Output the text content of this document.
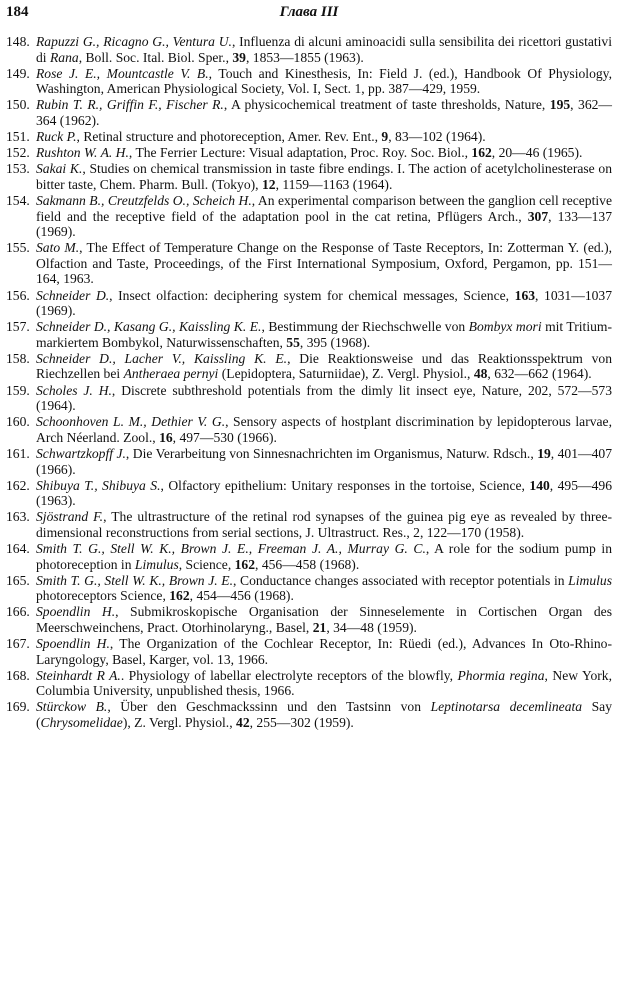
184	Глава III
148. Rapuzzi G., Ricagno G., Ventura U., Influenza di alcuni aminoacidi sulla sensibilita dei ricettori gustativi di Rana, Boll. Soc. Ital. Biol. Sper., 39, 1853—1855 (1963).
149. Rose J. E., Mountcastle V. B., Touch and Kinesthesis, In: Field J. (ed.), Handbook Of Physiology, Washington, American Physiological Society, Vol. I, Sect. 1, pp. 387—429, 1959.
150. Rubin T. R., Griffin F., Fischer R., A physicochemical treatment of taste thresholds, Nature, 195, 362—364 (1962).
151. Ruck P., Retinal structure and photoreception, Amer. Rev. Ent., 9, 83—102 (1964).
152. Rushton W. A. H., The Ferrier Lecture: Visual adaptation, Proc. Roy. Soc. Biol., 162, 20—46 (1965).
153. Sakai K., Studies on chemical transmission in taste fibre endings. I. The action of acetylcholinesterase on bitter taste, Chem. Pharm. Bull. (Tokyo), 12, 1159—1163 (1964).
154. Sakmann B., Creutzfelds O., Scheich H., An experimental comparison between the ganglion cell receptive field and the receptive field of the adaptation pool in the cat retina, Pflügers Arch., 307, 133—137 (1969).
155. Sato M., The Effect of Temperature Change on the Response of Taste Receptors, In: Zotterman Y. (ed.), Olfaction and Taste, Proceedings, of the First International Symposium, Oxford, Pergamon, pp. 151—164, 1963.
156. Schneider D., Insect olfaction: deciphering system for chemical messages, Science, 163, 1031—1037 (1969).
157. Schneider D., Kasang G., Kaissling K. E., Bestimmung der Riechschwelle von Bombyx mori mit Tritium-markiertem Bombykol, Naturwissenschaften, 55, 395 (1968).
158. Schneider D., Lacher V., Kaissling K. E., Die Reaktionsweise und das Reaktionsspektrum von Riechzellen bei Antheraea pernyi (Lepidoptera, Saturniidae), Z. Vergl. Physiol., 48, 632—662 (1964).
159. Scholes J. H., Discrete subthreshold potentials from the dimly lit insect eye, Nature, 202, 572—573 (1964).
160. Schoonhoven L. M., Dethier V. G., Sensory aspects of hostplant discrimination by lepidopterous larvae, Arch Néerland. Zool., 16, 497—530 (1966).
161. Schwartzkopff J., Die Verarbeitung von Sinnesnachrichten im Organismus, Naturw. Rdsch., 19, 401—407 (1966).
162. Shibuya T., Shibuya S., Olfactory epithelium: Unitary responses in the tortoise, Science, 140, 495—496 (1963).
163. Sjöstrand F., The ultrastructure of the retinal rod synapses of the guinea pig eye as revealed by three-dimensional reconstructions from serial sections, J. Ultrastruct. Res., 2, 122—170 (1958).
164. Smith T. G., Stell W. K., Brown J. E., Freeman J. A., Murray G. C., A role for the sodium pump in photoreception in Limulus, Science, 162, 456—458 (1968).
165. Smith T. G., Stell W. K., Brown J. E., Conductance changes associated with receptor potentials in Limulus photoreceptors Science, 162, 454—456 (1968).
166. Spoendlin H., Submikroskopische Organisation der Sinneselemente in Cortischen Organ des Meerschweinchens, Pract. Otorhinolaryng., Basel, 21, 34—48 (1959).
167. Spoendlin H., The Organization of the Cochlear Receptor, In: Rüedi (ed.), Advances In Oto-Rhino-Laryngology, Basel, Karger, vol. 13, 1966.
168. Steinhardt R A.. Physiology of labellar electrolyte receptors of the blowfly, Phormia regina, New York, Columbia University, unpublished thesis, 1966.
169. Stürckow B., Über den Geschmackssinn und den Tastsinn von Leptinotarsa decemlineata Say (Chrysomelidae), Z. Vergl. Physiol., 42, 255—302 (1959).
